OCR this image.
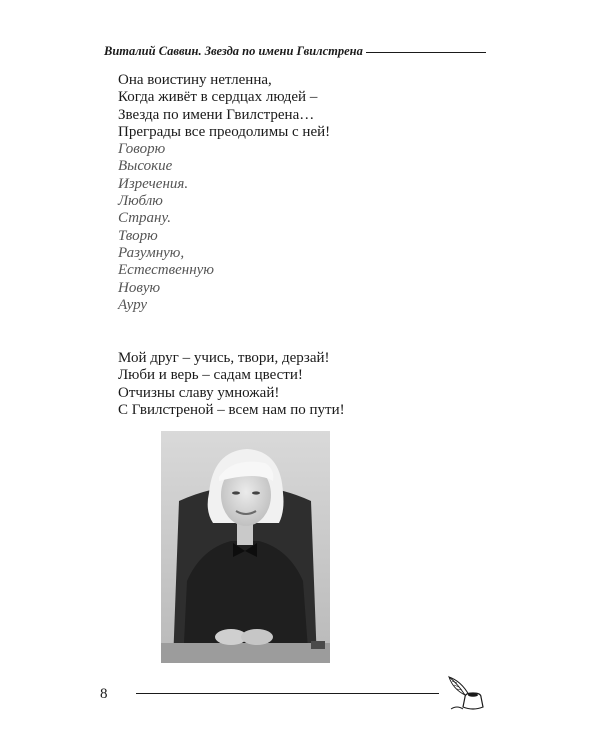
Виталий Саввин. Звезда по имени Гвилстрена
Она воистину нетленна,
Когда живёт в сердцах людей –
Звезда по имени Гвилстрена…
Преграды все преодолимы с ней!
Говорю
Высокие
Изречения.
Люблю
Страну.
Творю
Разумную,
Естественную
Новую
Ауру
Мой друг – учись, твори, дерзай!
Люби и верь – садам цвести!
Отчизны славу умножай!
С Гвилстреной – всем нам по пути!
8
